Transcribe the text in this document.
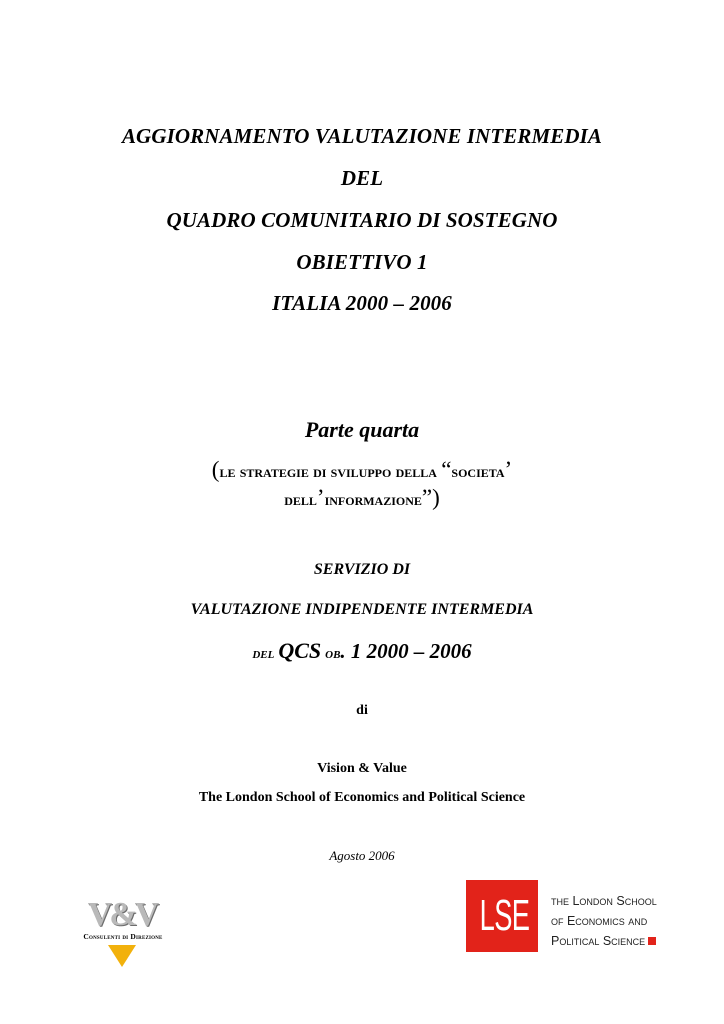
AGGIORNAMENTO VALUTAZIONE INTERMEDIA
DEL
QUADRO COMUNITARIO DI SOSTEGNO
OBIETTIVO 1
ITALIA 2000 – 2006
Parte quarta
(le strategie di sviluppo della “societa’
dell’informazione”)
SERVIZIO DI
VALUTAZIONE INDIPENDENTE INTERMEDIA
del QCS ob. 1 2000 – 2006
di
Vision & Value
The London School of Economics and Political Science
Agosto 2006
V&V
Consulenti di Direzione	LSE the London School
of Economics and
Political Science
